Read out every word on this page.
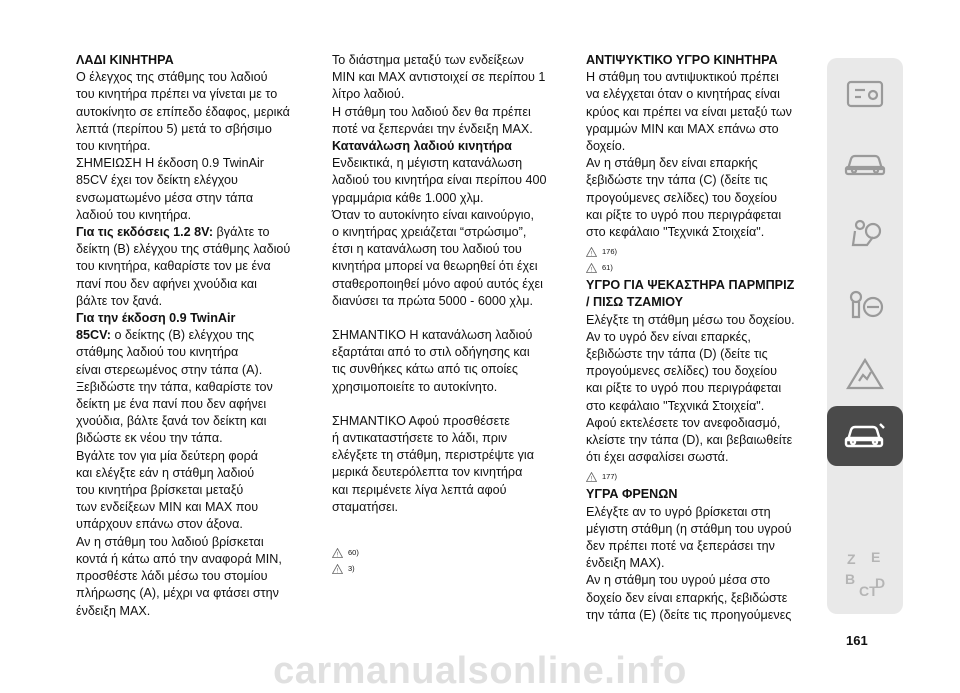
ΛΑΔΙ ΚΙΝΗΤΗΡΑ

Ο έλεγχος της στάθμης του λαδιού
του κινητήρα πρέπει να γίνεται με το
αυτοκίνητο σε επίπεδο έδαφος, μερικά
λεπτά (περίπου 5) μετά το σβήσιμο
του κινητήρα.
ΣΗΜΕΙΩΣΗ Η έκδοση 0.9 TwinAir
85CV έχει τον δείκτη ελέγχου
ενσωματωμένο μέσα στην τάπα
λαδιού του κινητήρα.

Για τις εκδόσεις 1.2 8V: βγάλτε το
δείκτη (B) ελέγχου της στάθμης λαδιού
του κινητήρα, καθαρίστε τον με ένα
πανί που δεν αφήνει χνούδια και
βάλτε τον ξανά.

Για την έκδοση 0.9 TwinAir
85CV: ο δείκτης (B) ελέγχου της
στάθμης λαδιού του κινητήρα
είναι στερεωμένος στην τάπα (A).
Ξεβιδώστε την τάπα, καθαρίστε τον
δείκτη με ένα πανί που δεν αφήνει
χνούδια, βάλτε ξανά τον δείκτη και
βιδώστε εκ νέου την τάπα.
Βγάλτε τον για μία δεύτερη φορά
και ελέγξτε εάν η στάθμη λαδιού
του κινητήρα βρίσκεται μεταξύ
των ενδείξεων MIN και MAX που
υπάρχουν επάνω στον άξονα.
Αν η στάθμη του λαδιού βρίσκεται
κοντά ή κάτω από την αναφορά MIN,
προσθέστε λάδι μέσω του στομίου
πλήρωσης (A), μέχρι να φτάσει στην
ένδειξη MAX.

Το διάστημα μεταξύ των ενδείξεων
MIN και MAX αντιστοιχεί σε περίπου 1
λίτρο λαδιού.
Η στάθμη του λαδιού δεν θα πρέπει
ποτέ να ξεπερνάει την ένδειξη MAX.

Κατανάλωση λαδιού κινητήρα

Ενδεικτικά, η μέγιστη κατανάλωση
λαδιού του κινητήρα είναι περίπου 400
γραμμάρια κάθε 1.000 χλμ.
Όταν το αυτοκίνητο είναι καινούργιο,
ο κινητήρας χρειάζεται “στρώσιμο”,
έτσι η κατανάλωση του λαδιού του
κινητήρα μπορεί να θεωρηθεί ότι έχει
σταθεροποιηθεί μόνο αφού αυτός έχει
διανύσει τα πρώτα 5000 - 6000 χλμ.

ΣΗΜΑΝΤΙΚΟ Η κατανάλωση λαδιού
εξαρτάται από το στιλ οδήγησης και
τις συνθήκες κάτω από τις οποίες
χρησιμοποιείτε το αυτοκίνητο.

ΣΗΜΑΝΤΙΚΟ Αφού προσθέσετε
ή αντικαταστήσετε το λάδι, πριν
ελέγξετε τη στάθμη, περιστρέψτε για
μερικά δευτερόλεπτα τον κινητήρα
και περιμένετε λίγα λεπτά αφού
σταματήσει.

! 60)
! 3)

ΑΝΤΙΨΥΚΤΙΚΟ ΥΓΡΟ ΚΙΝΗΤΗΡΑ

Η στάθμη του αντιψυκτικού πρέπει
να ελέγχεται όταν ο κινητήρας είναι
κρύος και πρέπει να είναι μεταξύ των
γραμμών MIN και MAX επάνω στο
δοχείο.
Αν η στάθμη δεν είναι επαρκής
ξεβιδώστε την τάπα (C) (δείτε τις
προγούμενες σελίδες) του δοχείου
και ρίξτε το υγρό που περιγράφεται
στο κεφάλαιο "Τεχνικά Στοιχεία".

! 176)
! 61)

ΥΓΡΟ ΓΙΑ ΨΕΚΑΣΤΗΡΑ ΠΑΡΜΠΡΙΖ
/ ΠΙΣΩ ΤΖΑΜΙΟΥ

Ελέγξτε τη στάθμη μέσω του δοχείου.
Αν το υγρό δεν είναι επαρκές,
ξεβιδώστε την τάπα (D) (δείτε τις
προγούμενες σελίδες) του δοχείου
και ρίξτε το υγρό που περιγράφεται
στο κεφάλαιο "Τεχνικά Στοιχεία".
Αφού εκτελέσετε τον ανεφοδιασμό,
κλείστε την τάπα (D), και βεβαιωθείτε
ότι έχει ασφαλίσει σωστά.

! 177)

ΥΓΡΑ ΦΡΕΝΩΝ

Ελέγξτε αν το υγρό βρίσκεται στη
μέγιστη στάθμη (η στάθμη του υγρού
δεν πρέπει ποτέ να ξεπεράσει την
ένδειξη MAX).
Αν η στάθμη του υγρού μέσα στο
δοχείο δεν είναι επαρκής, ξεβιδώστε
την τάπα (E) (δείτε τις προηγούμενες

Z E
B
CT
D
161
carmanualsonline.info
